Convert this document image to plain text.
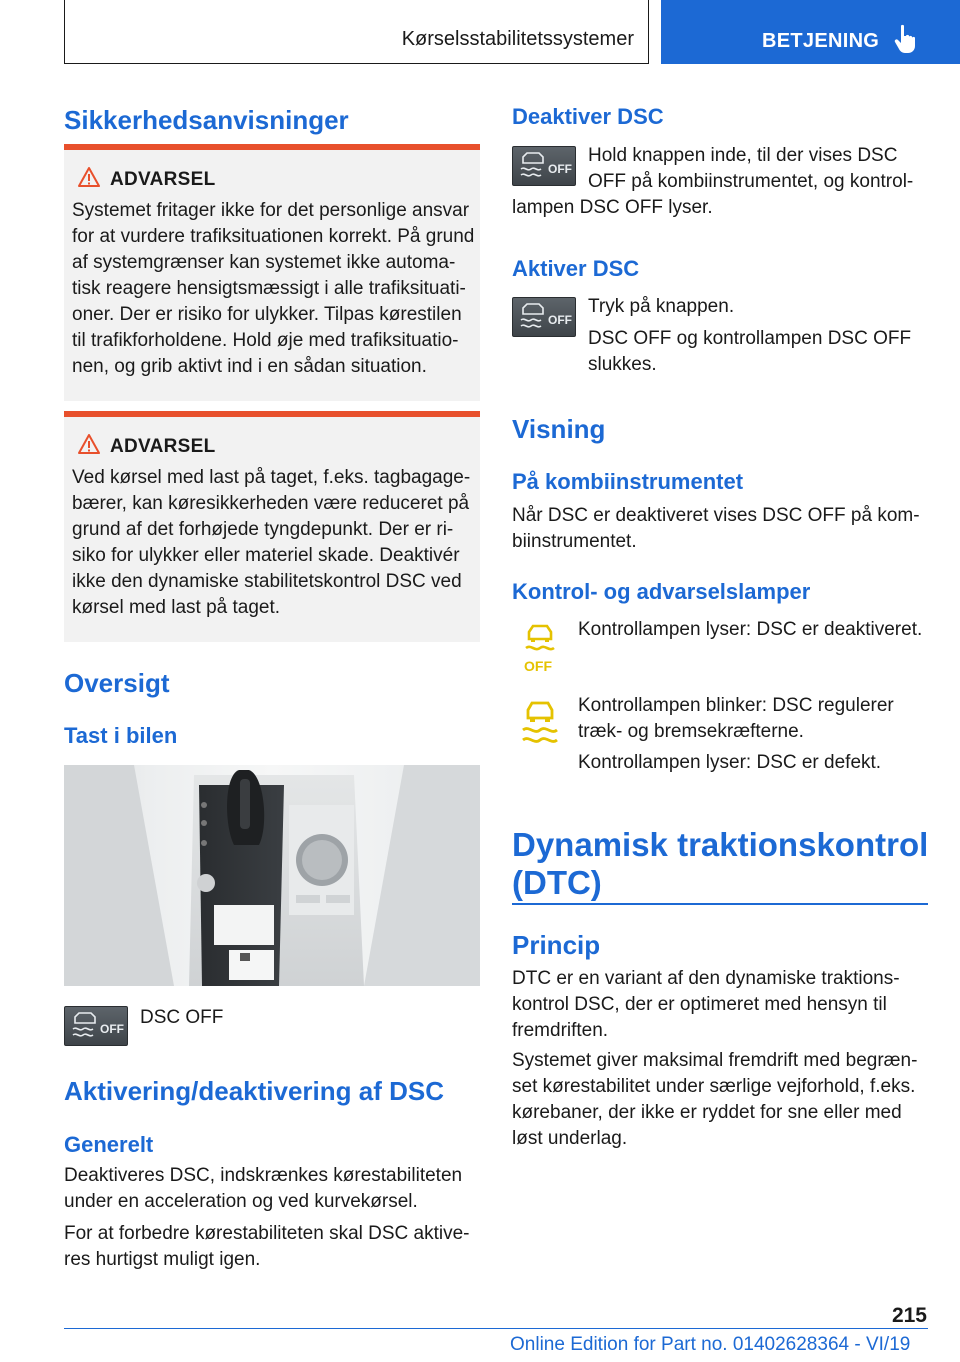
Kørselsstabilitetssystemer	BETJENING
Sikkerhedsanvisninger
ADVARSEL
Systemet fritager ikke for det personlige ansvar for at vurdere trafiksituationen korrekt. På grund af systemgrænser kan systemet ikke automa-tisk reagere hensigtsmæssigt i alle trafiksituati-oner. Der er risiko for ulykker. Tilpas kørestilen til trafikforholdene. Hold øje med trafiksituatio-nen, og grib aktivt ind i en sådan situation.
ADVARSEL
Ved kørsel med last på taget, f.eks. tagbagage-bærer, kan køresikkerheden være reduceret på grund af det forhøjede tyngdepunkt. Der er ri-siko for ulykker eller materiel skade. Deaktivér ikke den dynamiske stabilitetskontrol DSC ved kørsel med last på taget.
Oversigt
Tast i bilen
OFF

DSC OFF

Aktivering/deaktivering af DSC
Generelt

Deaktiveres DSC, indskrænkes kørestabiliteten under en acceleration og ved kurvekørsel.

For at forbedre kørestabiliteten skal DSC aktive-res hurtigst muligt igen.

Deaktiver DSC
OFF

Hold knappen inde, til der vises DSC OFF på kombiinstrumentet, og kontrol-

lampen DSC OFF lyser.

Aktiver DSC
OFF

Tryk på knappen.

DSC OFF og kontrollampen DSC OFF slukkes.

Visning
På kombiinstrumentet

Når DSC er deaktiveret vises DSC OFF på kom-biinstrumentet.

Kontrol- og advarselslamper
OFF

Kontrollampen lyser: DSC er deaktiveret.

Kontrollampen blinker: DSC regulerer træk- og bremsekræfterne.

Kontrollampen lyser: DSC er defekt.

Dynamisk traktionskontrol (DTC)
Princip

DTC er en variant af den dynamiske traktions-kontrol DSC, der er optimeret med hensyn til fremdriften.

Systemet giver maksimal fremdrift med begræn-set kørestabilitet under særlige vejforhold, f.eks. kørebaner, der ikke er ryddet for sne eller med løst underlag.

215
Online Edition for Part no. 01402628364 - VI/19
